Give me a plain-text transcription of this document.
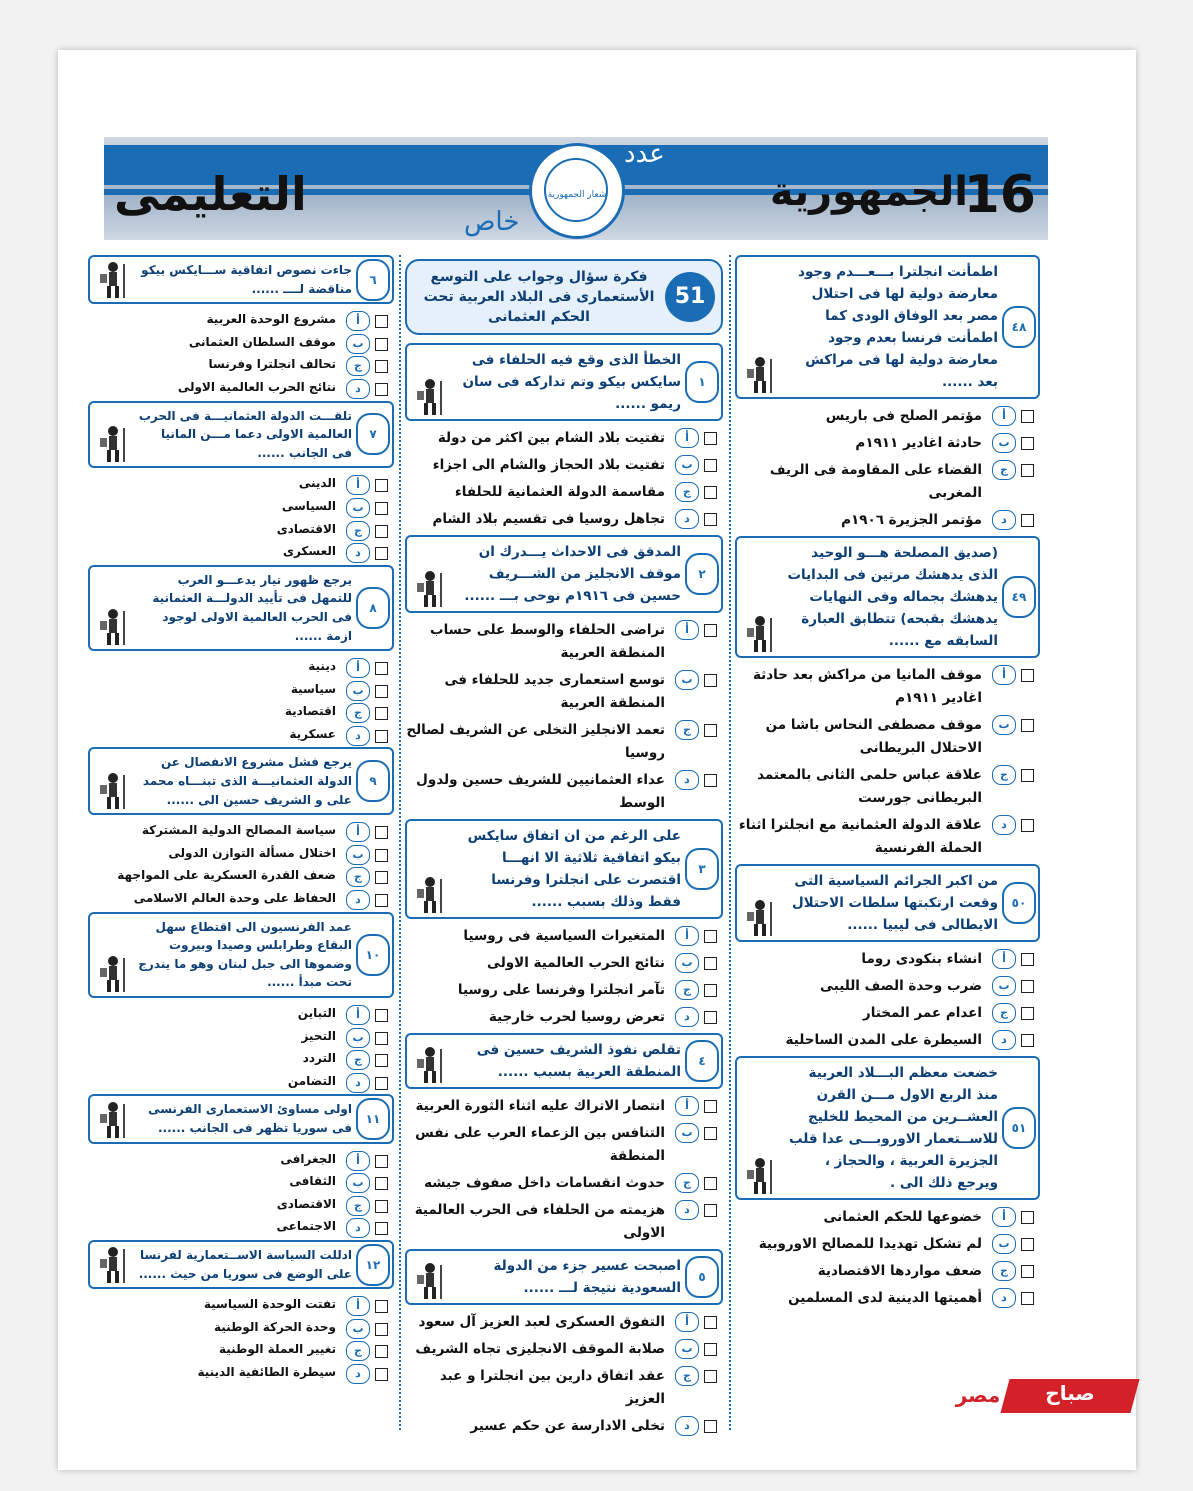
التعليمى	الجمهورية
16
عدد
خاص
شعار الجمهورية
٤٨
اطمأنت انجلترا بـــعـــدم وجود معارضة دولية لها فى احتلال مصر بعد الوفاق الودى كما اطمأنت فرنسا بعدم وجود معارضة دولية لها فى مراكش بعد ......
أ
مؤتمر الصلح فى باريس
ب
حادثة اغادير ١٩١١م
ج
القضاء على المقاومة فى الريف المغربى
د
مؤتمر الجزيرة ١٩٠٦م
٤٩
(صديق المصلحة هـــو الوحيد الذى يدهشك مرتين فى البدايات يدهشك بجماله وفى النهايات يدهشك بقبحه) تتطابق العبارة السابقه مع ......
أ
موقف المانيا من مراكش بعد حادثة اغادير ١٩١١م
ب
موقف مصطفى النحاس باشا من الاحتلال البريطانى
ج
علاقة عباس حلمى الثانى بالمعتمد البريطانى جورست
د
علاقة الدولة العثمانية مع انجلترا اثناء الحملة الفرنسية
٥٠
من اكبر الجرائم السياسية التى وقعت ارتكبتها سلطات الاحتلال الايطالى فى ليبيا ......
أ
انشاء بنكودى روما
ب
ضرب وحدة الصف الليبى
ج
اعدام عمر المختار
د
السيطرة على المدن الساحلية
٥١
خضعت معظم البـــلاد العربية منذ الربع الاول مـــن القرن العشــرين من المحيط للخليج للاســتعمار الاوروبـــى عدا قلب الجزيرة العربية ، والحجاز ، ويرجع ذلك الى .
أ
خضوعها للحكم العثمانى
ب
لم تشكل تهديدا للمصالح الاوروبية
ج
ضعف مواردها الاقتصادية
د
أهميتها الدينية لدى المسلمين
51
فكرة سؤال وجواب على التوسع الأستعمارى فى البلاد العربية تحت الحكم العثمانى
١
الخطأ الذى وقع فيه الحلفاء فى سايكس بيكو وتم تداركه فى سان ريمو ......
أ
تفتيت بلاد الشام بين اكثر من دولة
ب
تفتيت بلاد الحجاز والشام الى اجزاء
ج
مقاسمة الدولة العثمانية للحلفاء
د
تجاهل روسيا فى تقسيم بلاد الشام
٢
المدقق فى الاحداث يـــدرك ان موقف الانجليز من الشـــريف حسين فى ١٩١٦م نوحى بـــ ......
أ
تراضى الحلفاء والوسط على حساب المنطقة العربية
ب
توسع استعمارى جديد للحلفاء فى المنطقة العربية
ج
تعمد الانجليز التخلى عن الشريف لصالح روسيا
د
عداء العثمانيين للشريف حسين ولدول الوسط
٣
على الرغم من ان اتفاق سايكس بيكو اتفاقية ثلاثية الا انهـــا اقتصرت على انجلترا وفرنسا فقط وذلك بسبب ......
أ
المتغيرات السياسية فى روسيا
ب
نتائج الحرب العالمية الاولى
ج
تآمر انجلترا وفرنسا على روسيا
د
تعرض روسيا لحرب خارجية
٤
تقلص نفوذ الشريف حسين فى المنطقة العربية بسبب ......
أ
انتصار الاتراك عليه اثناء الثورة العربية
ب
التنافس بين الزعماء العرب على نفس المنطقة
ج
حدوث انقسامات داخل صفوف جيشه
د
هزيمته من الحلفاء فى الحرب العالمية الاولى
٥
اصبحت عسير جزء من الدولة السعودية نتيجة لـــ ......
أ
التفوق العسكرى لعبد العزيز آل سعود
ب
صلابة الموقف الانجليزى تجاه الشريف
ج
عقد اتفاق دارين بين انجلترا و عبد العزيز
د
تخلى الادارسة عن حكم عسير
٦
جاءت نصوص اتفاقية ســـايكس بيكو مناقضة لــــ ......
أ
مشروع الوحدة العربية
ب
موقف السلطان العثمانى
ج
تحالف انجلترا وفرنسا
د
نتائج الحرب العالمية الاولى
٧
تلقـــت الدولة العثمانيـــة فى الحرب العالمية الاولى دعما مـــن المانيا فى الجانب ......
أ
الدينى
ب
السياسى
ج
الاقتصادى
د
العسكرى
٨
يرجع ظهور تيار يدعـــو العرب للتمهل فى تأييد الدولـــة العثمانية فى الحرب العالمية الاولى لوجود ازمة ......
أ
دينية
ب
سياسية
ج
اقتصادية
د
عسكرية
٩
يرجع فشل مشروع الانفصال عن الدولة العثمانيـــة الذى تبنـــاه محمد على و الشريف حسين الى ......
أ
سياسة المصالح الدولية المشتركة
ب
اختلال مسألة التوازن الدولى
ج
ضعف القدرة العسكرية على المواجهة
د
الحفاظ على وحدة العالم الاسلامى
١٠
عمد الفرنسيون الى اقتطاع سهل البقاع وطرابلس وصيدا وبيروت وضموها الى جبل لبنان وهو ما يندرج تحت مبدأ ......
أ
التباين
ب
التحيز
ج
التردد
د
التضامن
١١
اولى مساوئ الاستعمارى الفرنسى فى سوريا تظهر فى الجانب ......
أ
الجغرافى
ب
الثقافى
ج
الاقتصادى
د
الاجتماعى
١٢
ادللت السياسة الاســتعمارية لفرنسا على الوضع فى سوريا من حيث ......
أ
تفتت الوحدة السياسية
ب
وحدة الحركة الوطنية
ج
تغيير العملة الوطنية
د
سيطرة الطائفية الدينية
صباح
مصر
